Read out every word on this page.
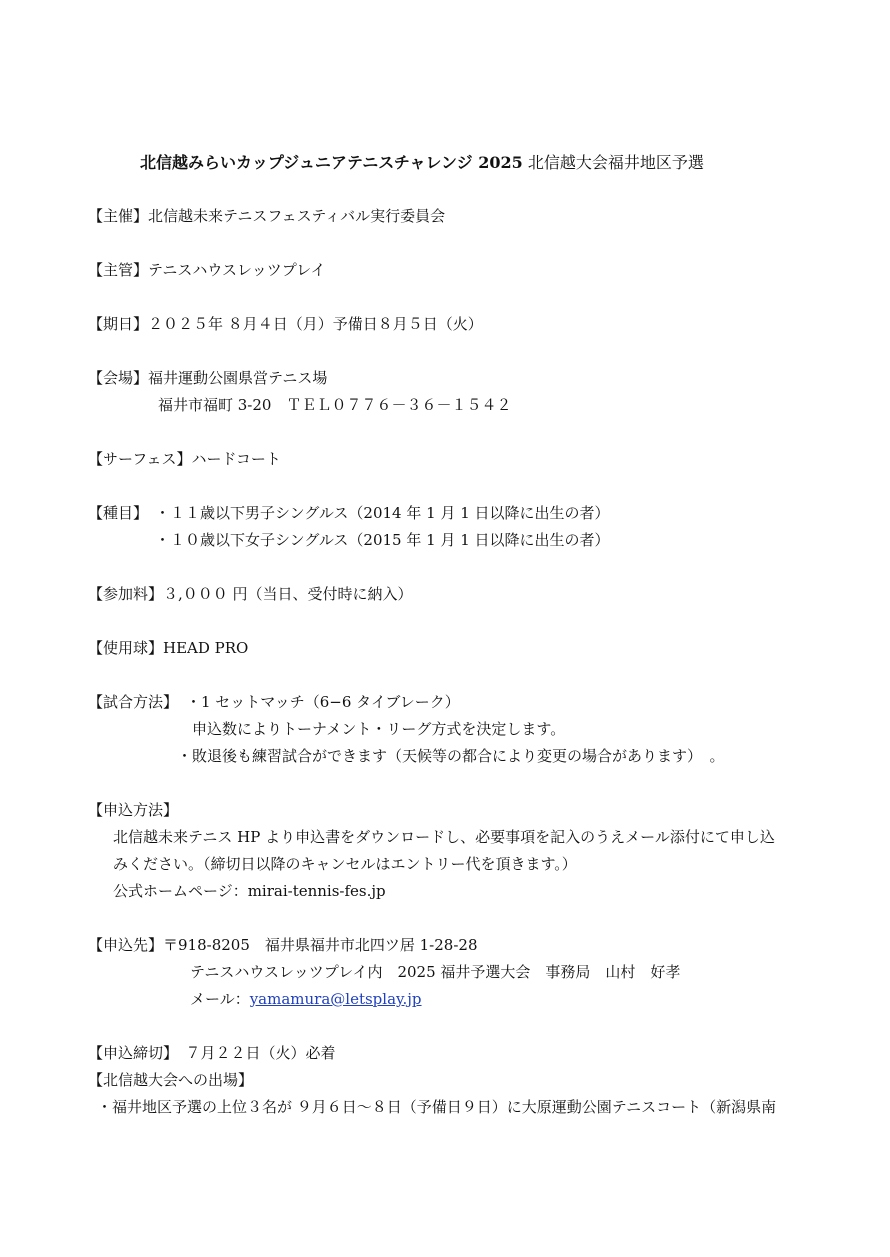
北信越みらいカップジュニアテニスチャレンジ 2025 北信越大会福井地区予選
【主催】北信越未来テニスフェスティバル実行委員会
【主管】テニスハウスレッツプレイ
【期日】２０２５年 ８月４日（月）予備日８月５日（火）
【会場】福井運動公園県営テニス場
福井市福町 3-20　ＴＥＬ０７７６－３６－１５４２
【サーフェス】ハードコート
【種目】 ・１１歳以下男子シングルス（2014 年 1 月 1 日以降に出生の者）
・１０歳以下女子シングルス（2015 年 1 月 1 日以降に出生の者）
【参加料】３,０００ 円（当日、受付時に納入）
【使用球】HEAD PRO
【試合方法】 ・1 セットマッチ（6−6 タイブレーク）
申込数によりトーナメント・リーグ方式を決定します。
・敗退後も練習試合ができます（天候等の都合により変更の場合があります）　。
【申込方法】
北信越未来テニス HP より申込書をダウンロードし、必要事項を記入のうえメール添付にて申し込
みください。（締切日以降のキャンセルはエントリー代を頂きます。）
公式ホームページ：mirai-tennis-fes.jp
【申込先】〒918-8205　福井県福井市北四ツ居 1-28-28
テニスハウスレッツプレイ内　2025 福井予選大会　事務局　山村　好孝
メール：yamamura@letsplay.jp
【申込締切】　７月２２日（火）必着
【北信越大会への出場】
・福井地区予選の上位３名が ９月６日～８日（予備日９日）に大原運動公園テニスコート（新潟県南
